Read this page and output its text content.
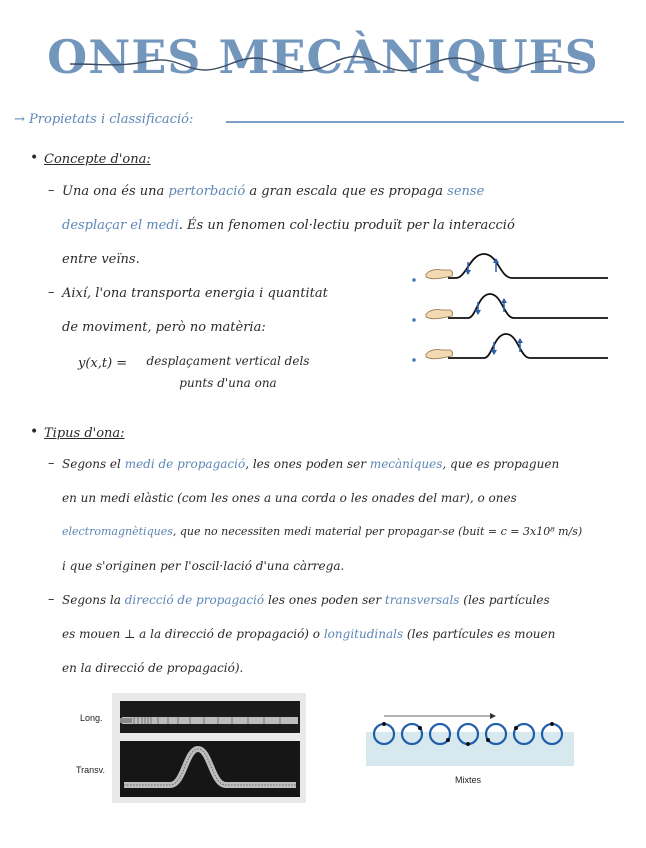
ONES MECÀNIQUES
→ Propietats i classificació:
• Concepte d'ona:
– Una ona és una pertorbació a gran escala que es propaga sense
desplaçar el medi. És un fenomen col·lectiu produït per la interacció
entre veïns.
– Així, l'ona transporta energia i quantitat
de moviment, però no matèria:
y(x,t) =	desplaçament vertical dels
punts d'una ona
• Tipus d'ona:
– Segons el medi de propagació, les ones poden ser mecàniques, que es propaguen
en un medi elàstic (com les ones a una corda o les onades del mar), o ones
electromagnètiques, que no necessiten medi material per propagar-se (buit = c = 3x10⁸ m/s)
i que s'originen per l'oscil·lació d'una càrrega.
– Segons la direcció de propagació les ones poden ser transversals (les partícules
es mouen ⊥ a la direcció de propagació) o longitudinals (les partícules es mouen
en la direcció de propagació).
Long.
Transv.
Mixtes
